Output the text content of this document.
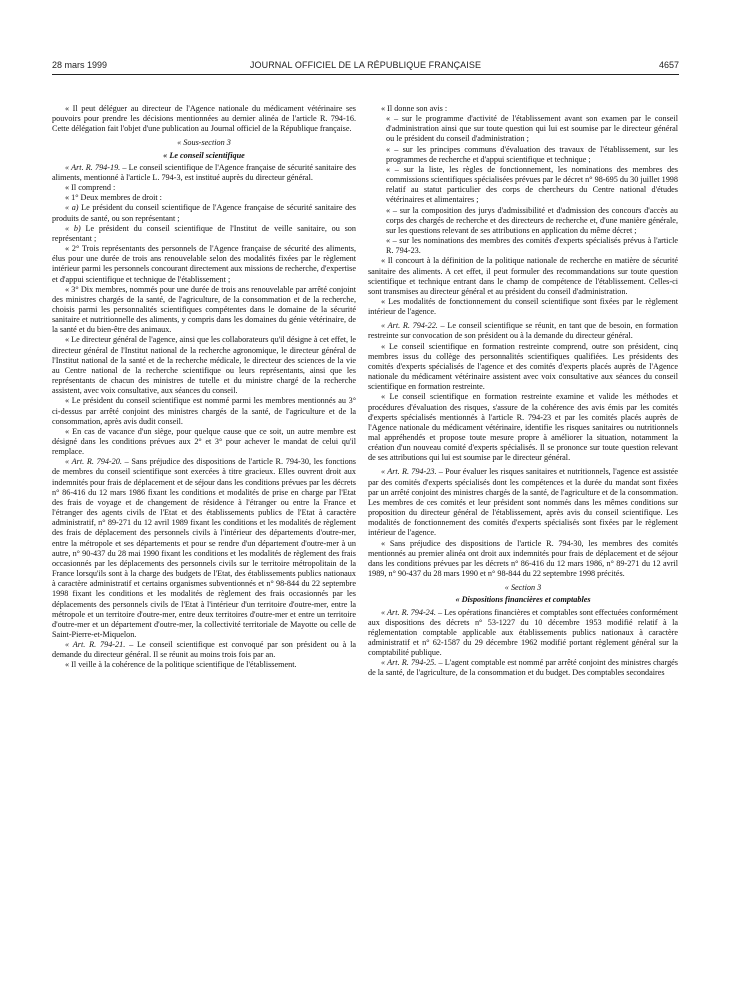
28 mars 1999	JOURNAL OFFICIEL DE LA RÉPUBLIQUE FRANÇAISE	4657

« Il peut déléguer au directeur de l'Agence nationale du médicament vétérinaire ses pouvoirs pour prendre les décisions mentionnées au dernier alinéa de l'article R. 794-16. Cette délégation fait l'objet d'une publication au Journal officiel de la République française.

« Sous-section 3

« Le conseil scientifique

« Art. R. 794-19. – Le conseil scientifique de l'Agence française de sécurité sanitaire des aliments, mentionné à l'article L. 794-3, est institué auprès du directeur général.

« Il comprend :

« 1° Deux membres de droit :

« a) Le président du conseil scientifique de l'Agence française de sécurité sanitaire des produits de santé, ou son représentant ;

« b) Le président du conseil scientifique de l'Institut de veille sanitaire, ou son représentant ;

« 2° Trois représentants des personnels de l'Agence française de sécurité des aliments, élus pour une durée de trois ans renouvelable selon des modalités fixées par le règlement intérieur parmi les personnels concourant directement aux missions de recherche, d'expertise et d'appui scientifique et technique de l'établissement ;

« 3° Dix membres, nommés pour une durée de trois ans renouvelable par arrêté conjoint des ministres chargés de la santé, de l'agriculture, de la consommation et de la recherche, choisis parmi les personnalités scientifiques compétentes dans le domaine de la sécurité sanitaire et nutritionnelle des aliments, y compris dans les domaines du génie vétérinaire, de la santé et du bien-être des animaux.

« Le directeur général de l'agence, ainsi que les collaborateurs qu'il désigne à cet effet, le directeur général de l'Institut national de la recherche agronomique, le directeur général de l'Institut national de la santé et de la recherche médicale, le directeur des sciences de la vie au Centre national de la recherche scientifique ou leurs représentants, ainsi que les représentants de chacun des ministres de tutelle et du ministre chargé de la recherche assistent, avec voix consultative, aux séances du conseil.

« Le président du conseil scientifique est nommé parmi les membres mentionnés au 3° ci-dessus par arrêté conjoint des ministres chargés de la santé, de l'agriculture et de la consommation, après avis dudit conseil.

« En cas de vacance d'un siège, pour quelque cause que ce soit, un autre membre est désigné dans les conditions prévues aux 2° et 3° pour achever le mandat de celui qu'il remplace.

« Art. R. 794-20. – Sans préjudice des dispositions de l'article R. 794-30, les fonctions de membres du conseil scientifique sont exercées à titre gracieux. Elles ouvrent droit aux indemnités pour frais de déplacement et de séjour dans les conditions prévues par les décrets n° 86-416 du 12 mars 1986 fixant les conditions et modalités de prise en charge par l'Etat des frais de voyage et de changement de résidence à l'étranger ou entre la France et l'étranger des agents civils de l'Etat et des établissements publics de l'Etat à caractère administratif, n° 89-271 du 12 avril 1989 fixant les conditions et les modalités de règlement des frais de déplacement des personnels civils à l'intérieur des départements d'outre-mer, entre la métropole et ses départements et pour se rendre d'un département d'outre-mer à un autre, n° 90-437 du 28 mai 1990 fixant les conditions et les modalités de règlement des frais occasionnés par les déplacements des personnels civils sur le territoire métropolitain de la France lorsqu'ils sont à la charge des budgets de l'Etat, des établissements publics nationaux à caractère administratif et certains organismes subventionnés et n° 98-844 du 22 septembre 1998 fixant les conditions et les modalités de règlement des frais occasionnés par les déplacements des personnels civils de l'Etat à l'intérieur d'un territoire d'outre-mer, entre la métropole et un territoire d'outre-mer, entre deux territoires d'outre-mer et entre un territoire d'outre-mer et un département d'outre-mer, la collectivité territoriale de Mayotte ou celle de Saint-Pierre-et-Miquelon.

« Art. R. 794-21. – Le conseil scientifique est convoqué par son président ou à la demande du directeur général. Il se réunit au moins trois fois par an.

« Il veille à la cohérence de la politique scientifique de l'établissement.

« Il donne son avis :

« – sur le programme d'activité de l'établissement avant son examen par le conseil d'administration ainsi que sur toute question qui lui est soumise par le directeur général ou le président du conseil d'administration ;

« – sur les principes communs d'évaluation des travaux de l'établissement, sur les programmes de recherche et d'appui scientifique et technique ;

« – sur la liste, les règles de fonctionnement, les nominations des membres des commissions scientifiques spécialisées prévues par le décret n° 98-695 du 30 juillet 1998 relatif au statut particulier des corps de chercheurs du Centre national d'études vétérinaires et alimentaires ;

« – sur la composition des jurys d'admissibilité et d'admission des concours d'accès au corps des chargés de recherche et des directeurs de recherche et, d'une manière générale, sur les questions relevant de ses attributions en application du même décret ;

« – sur les nominations des membres des comités d'experts spécialisés prévus à l'article R. 794-23.

« Il concourt à la définition de la politique nationale de recherche en matière de sécurité sanitaire des aliments. A cet effet, il peut formuler des recommandations sur toute question scientifique et technique entrant dans le champ de compétence de l'établissement. Celles-ci sont transmises au directeur général et au président du conseil d'administration.

« Les modalités de fonctionnement du conseil scientifique sont fixées par le règlement intérieur de l'agence.

« Art. R. 794-22. – Le conseil scientifique se réunit, en tant que de besoin, en formation restreinte sur convocation de son président ou à la demande du directeur général.

« Le conseil scientifique en formation restreinte comprend, outre son président, cinq membres issus du collège des personnalités scientifiques qualifiées. Les présidents des comités d'experts spécialisés de l'agence et des comités d'experts placés auprès de l'Agence nationale du médicament vétérinaire assistent avec voix consultative aux séances du conseil scientifique en formation restreinte.

« Le conseil scientifique en formation restreinte examine et valide les méthodes et procédures d'évaluation des risques, s'assure de la cohérence des avis émis par les comités d'experts spécialisés mentionnés à l'article R. 794-23 et par les comités placés auprès de l'Agence nationale du médicament vétérinaire, identifie les risques sanitaires ou nutritionnels mal appréhendés et propose toute mesure propre à améliorer la situation, notamment la création d'un nouveau comité d'experts spécialisés. Il se prononce sur toute question relevant de ses attributions qui lui est soumise par le directeur général.

« Art. R. 794-23. – Pour évaluer les risques sanitaires et nutritionnels, l'agence est assistée par des comités d'experts spécialisés dont les compétences et la durée du mandat sont fixées par un arrêté conjoint des ministres chargés de la santé, de l'agriculture et de la consommation. Les membres de ces comités et leur président sont nommés dans les mêmes conditions sur proposition du directeur général de l'établissement, après avis du conseil scientifique. Les modalités de fonctionnement des comités d'experts spécialisés sont fixées par le règlement intérieur de l'agence.

« Sans préjudice des dispositions de l'article R. 794-30, les membres des comités mentionnés au premier alinéa ont droit aux indemnités pour frais de déplacement et de séjour dans les conditions prévues par les décrets n° 86-416 du 12 mars 1986, n° 89-271 du 12 avril 1989, n° 90-437 du 28 mars 1990 et n° 98-844 du 22 septembre 1998 précités.

« Section 3

« Dispositions financières et comptables

« Art. R. 794-24. – Les opérations financières et comptables sont effectuées conformément aux dispositions des décrets n° 53-1227 du 10 décembre 1953 modifié relatif à la réglementation comptable applicable aux établissements publics nationaux à caractère administratif et n° 62-1587 du 29 décembre 1962 modifié portant règlement général sur la comptabilité publique.

« Art. R. 794-25. – L'agent comptable est nommé par arrêté conjoint des ministres chargés de la santé, de l'agriculture, de la consommation et du budget. Des comptables secondaires
